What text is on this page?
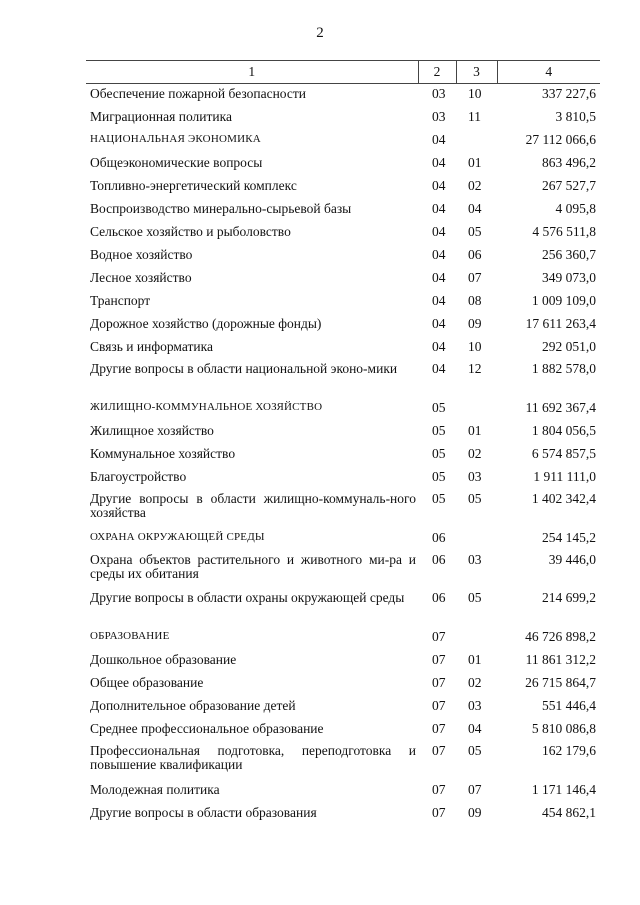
2
1	2	3	4
Обеспечение пожарной безопасности	03	10	337 227,6
Миграционная политика	03	11	3 810,5
НАЦИОНАЛЬНАЯ ЭКОНОМИКА	04		27 112 066,6
Общеэкономические вопросы	04	01	863 496,2
Топливно-энергетический комплекс	04	02	267 527,7
Воспроизводство минерально-сырьевой базы	04	04	4 095,8
Сельское хозяйство и рыболовство	04	05	4 576 511,8
Водное хозяйство	04	06	256 360,7
Лесное хозяйство	04	07	349 073,0
Транспорт	04	08	1 009 109,0
Дорожное хозяйство (дорожные фонды)	04	09	17 611 263,4
Связь и информатика	04	10	292 051,0
Другие вопросы в области национальной эконо-мики	04	12	1 882 578,0
ЖИЛИЩНО-КОММУНАЛЬНОЕ ХОЗЯЙСТВО	05		11 692 367,4
Жилищное хозяйство	05	01	1 804 056,5
Коммунальное хозяйство	05	02	6 574 857,5
Благоустройство	05	03	1 911 111,0
Другие вопросы в области жилищно-коммуналь-ного хозяйства	05	05	1 402 342,4
ОХРАНА ОКРУЖАЮЩЕЙ СРЕДЫ	06		254 145,2
Охрана объектов растительного и животного ми-ра и среды их обитания	06	03	39 446,0
Другие вопросы в области охраны окружающей среды	06	05	214 699,2
ОБРАЗОВАНИЕ	07		46 726 898,2
Дошкольное образование	07	01	11 861 312,2
Общее образование	07	02	26 715 864,7
Дополнительное образование детей	07	03	551 446,4
Среднее профессиональное образование	07	04	5 810 086,8
Профессиональная подготовка, переподготовка и повышение квалификации	07	05	162 179,6
Молодежная политика	07	07	1 171 146,4
Другие вопросы в области образования	07	09	454 862,1
